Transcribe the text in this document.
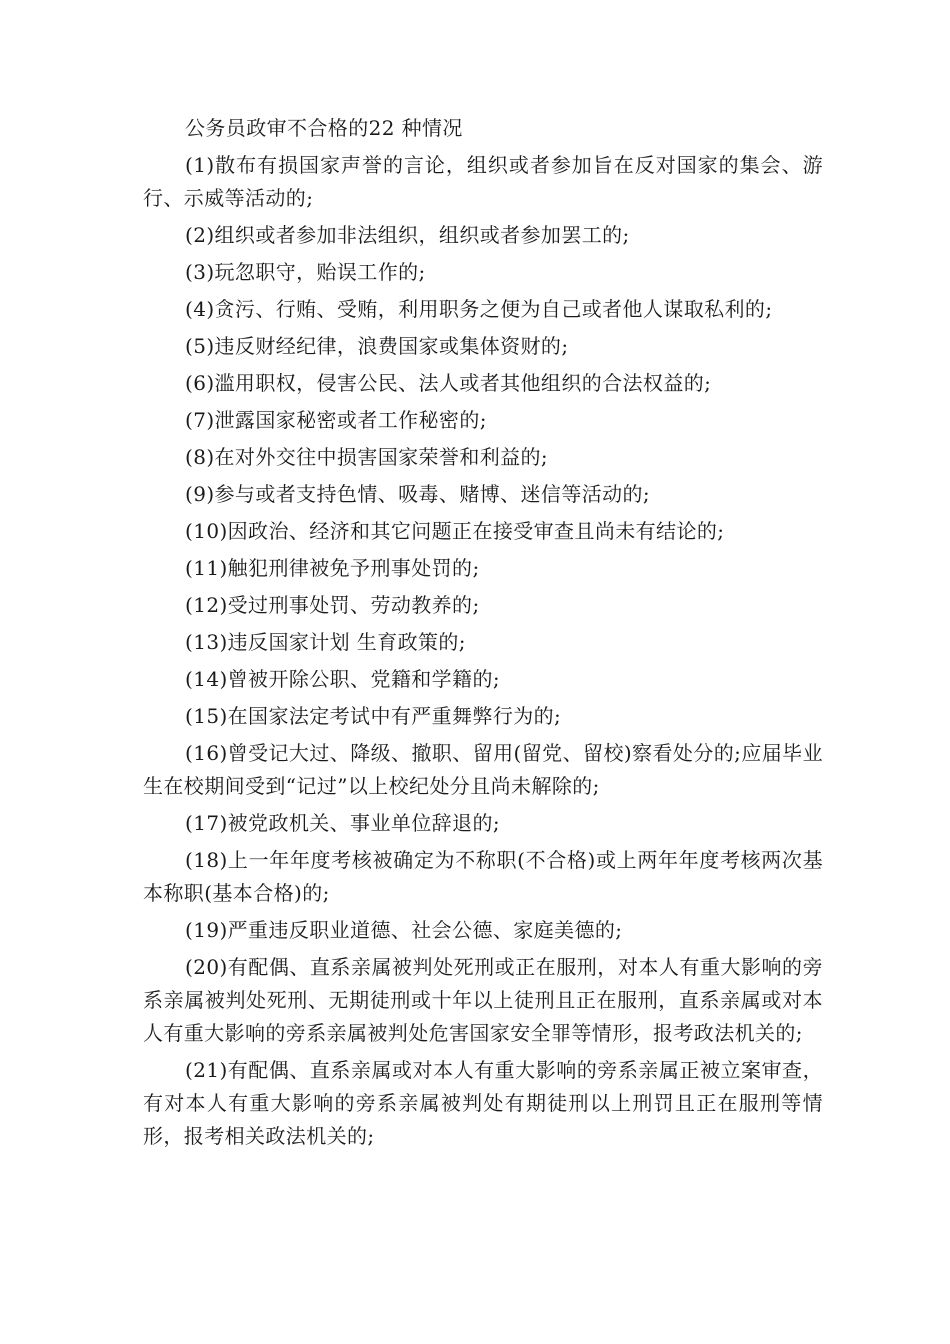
公务员政审不合格的22 种情况

(1)散布有损国家声誉的言论，组织或者参加旨在反对国家的集会、游行、示威等活动的;

(2)组织或者参加非法组织，组织或者参加罢工的;

(3)玩忽职守，贻误工作的;

(4)贪污、行贿、受贿，利用职务之便为自己或者他人谋取私利的;

(5)违反财经纪律，浪费国家或集体资财的;

(6)滥用职权，侵害公民、法人或者其他组织的合法权益的;

(7)泄露国家秘密或者工作秘密的;

(8)在对外交往中损害国家荣誉和利益的;

(9)参与或者支持色情、吸毒、赌博、迷信等活动的;

(10)因政治、经济和其它问题正在接受审查且尚未有结论的;

(11)触犯刑律被免予刑事处罚的;

(12)受过刑事处罚、劳动教养的;

(13)违反国家计划 生育政策的;

(14)曾被开除公职、党籍和学籍的;

(15)在国家法定考试中有严重舞弊行为的;

(16)曾受记大过、降级、撤职、留用(留党、留校)察看处分的;应届毕业生在校期间受到“记过”以上校纪处分且尚未解除的;

(17)被党政机关、事业单位辞退的;

(18)上一年年度考核被确定为不称职(不合格)或上两年年度考核两次基本称职(基本合格)的;

(19)严重违反职业道德、社会公德、家庭美德的;

(20)有配偶、直系亲属被判处死刑或正在服刑，对本人有重大影响的旁系亲属被判处死刑、无期徒刑或十年以上徒刑且正在服刑，直系亲属或对本人有重大影响的旁系亲属被判处危害国家安全罪等情形，报考政法机关的;

(21)有配偶、直系亲属或对本人有重大影响的旁系亲属正被立案审查，有对本人有重大影响的旁系亲属被判处有期徒刑以上刑罚且正在服刑等情形，报考相关政法机关的;
